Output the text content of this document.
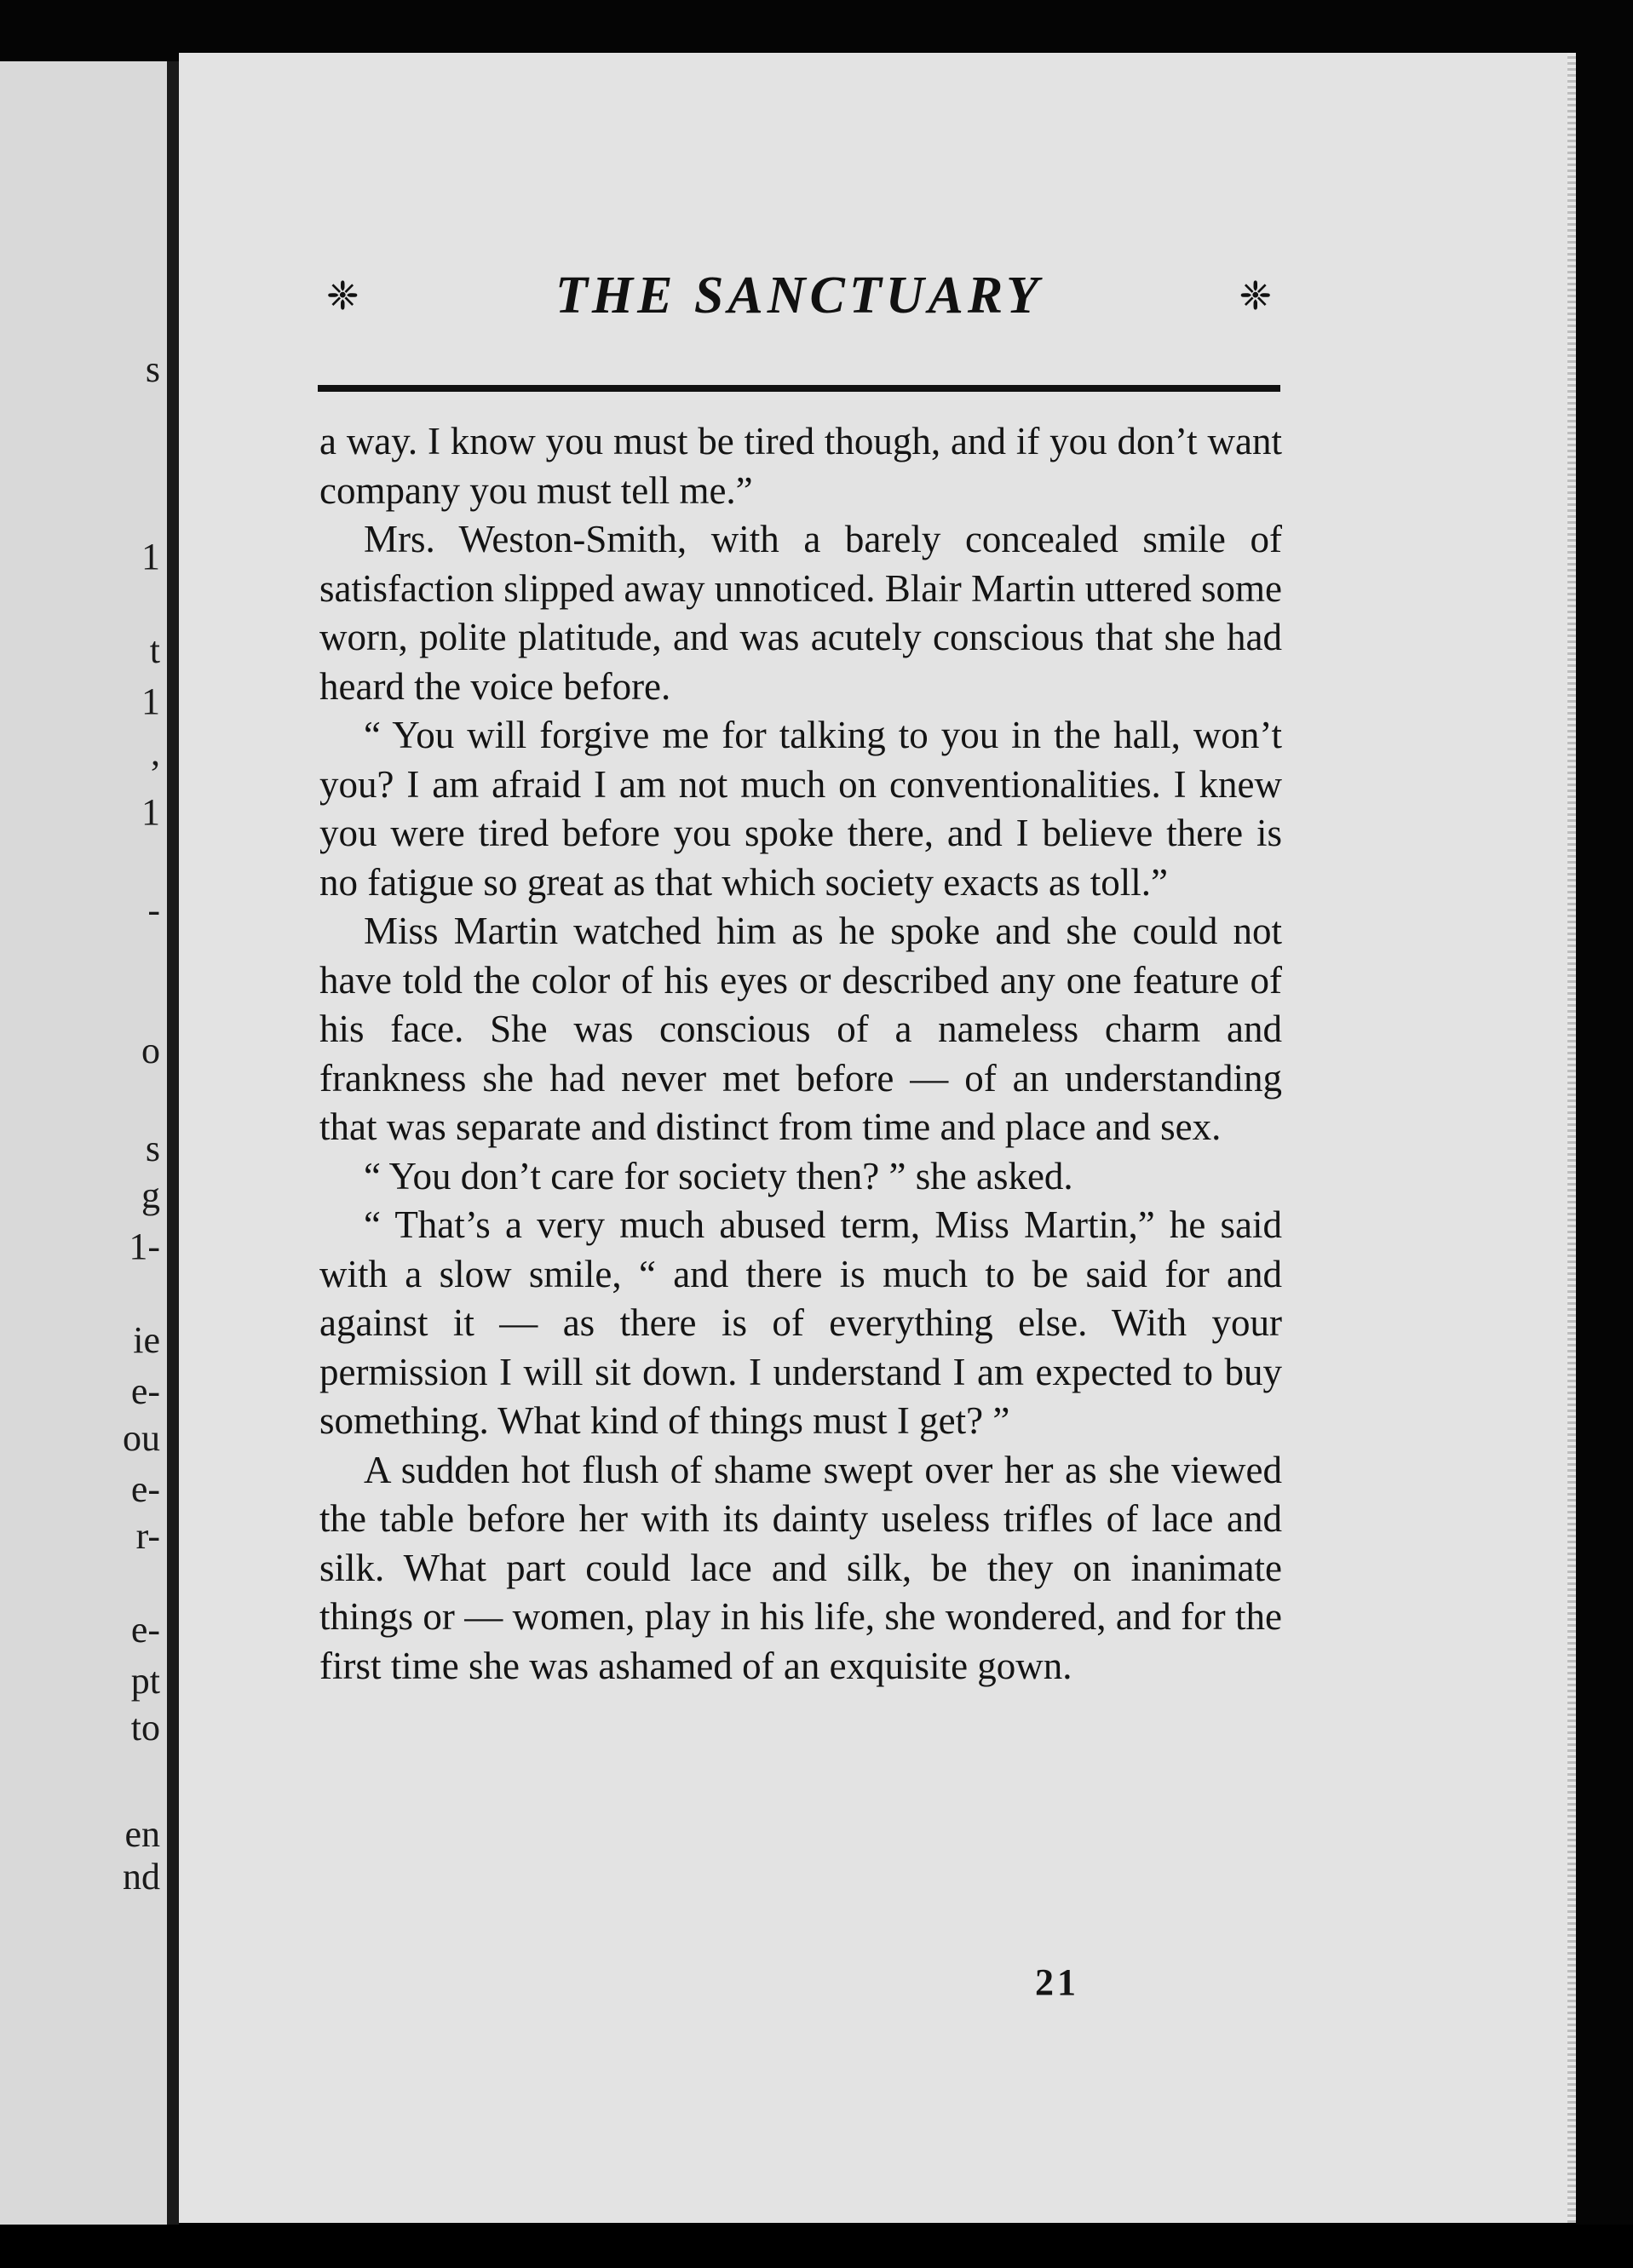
s
1
t
1
,
1
-
o
s
g
1-
ie
e-
ou
e-
r-
e-
pt
to
en
nd
❈	THE SANCTUARY	❈

a way. I know you must be tired though, and if you don’t want company you must tell me.”

Mrs. Weston-Smith, with a barely concealed smile of satisfaction slipped away unnoticed. Blair Martin uttered some worn, polite platitude, and was acutely conscious that she had heard the voice before.

“ You will forgive me for talking to you in the hall, won’t you? I am afraid I am not much on conventionalities. I knew you were tired before you spoke there, and I believe there is no fatigue so great as that which society exacts as toll.”

Miss Martin watched him as he spoke and she could not have told the color of his eyes or described any one feature of his face. She was conscious of a nameless charm and frankness she had never met before — of an understanding that was separate and distinct from time and place and sex.

“ You don’t care for society then? ” she asked.

“ That’s a very much abused term, Miss Martin,” he said with a slow smile, “ and there is much to be said for and against it — as there is of everything else. With your permission I will sit down. I understand I am expected to buy something. What kind of things must I get? ”

A sudden hot flush of shame swept over her as she viewed the table before her with its dainty useless trifles of lace and silk. What part could lace and silk, be they on inanimate things or — women, play in his life, she wondered, and for the first time she was ashamed of an exquisite gown.

21
